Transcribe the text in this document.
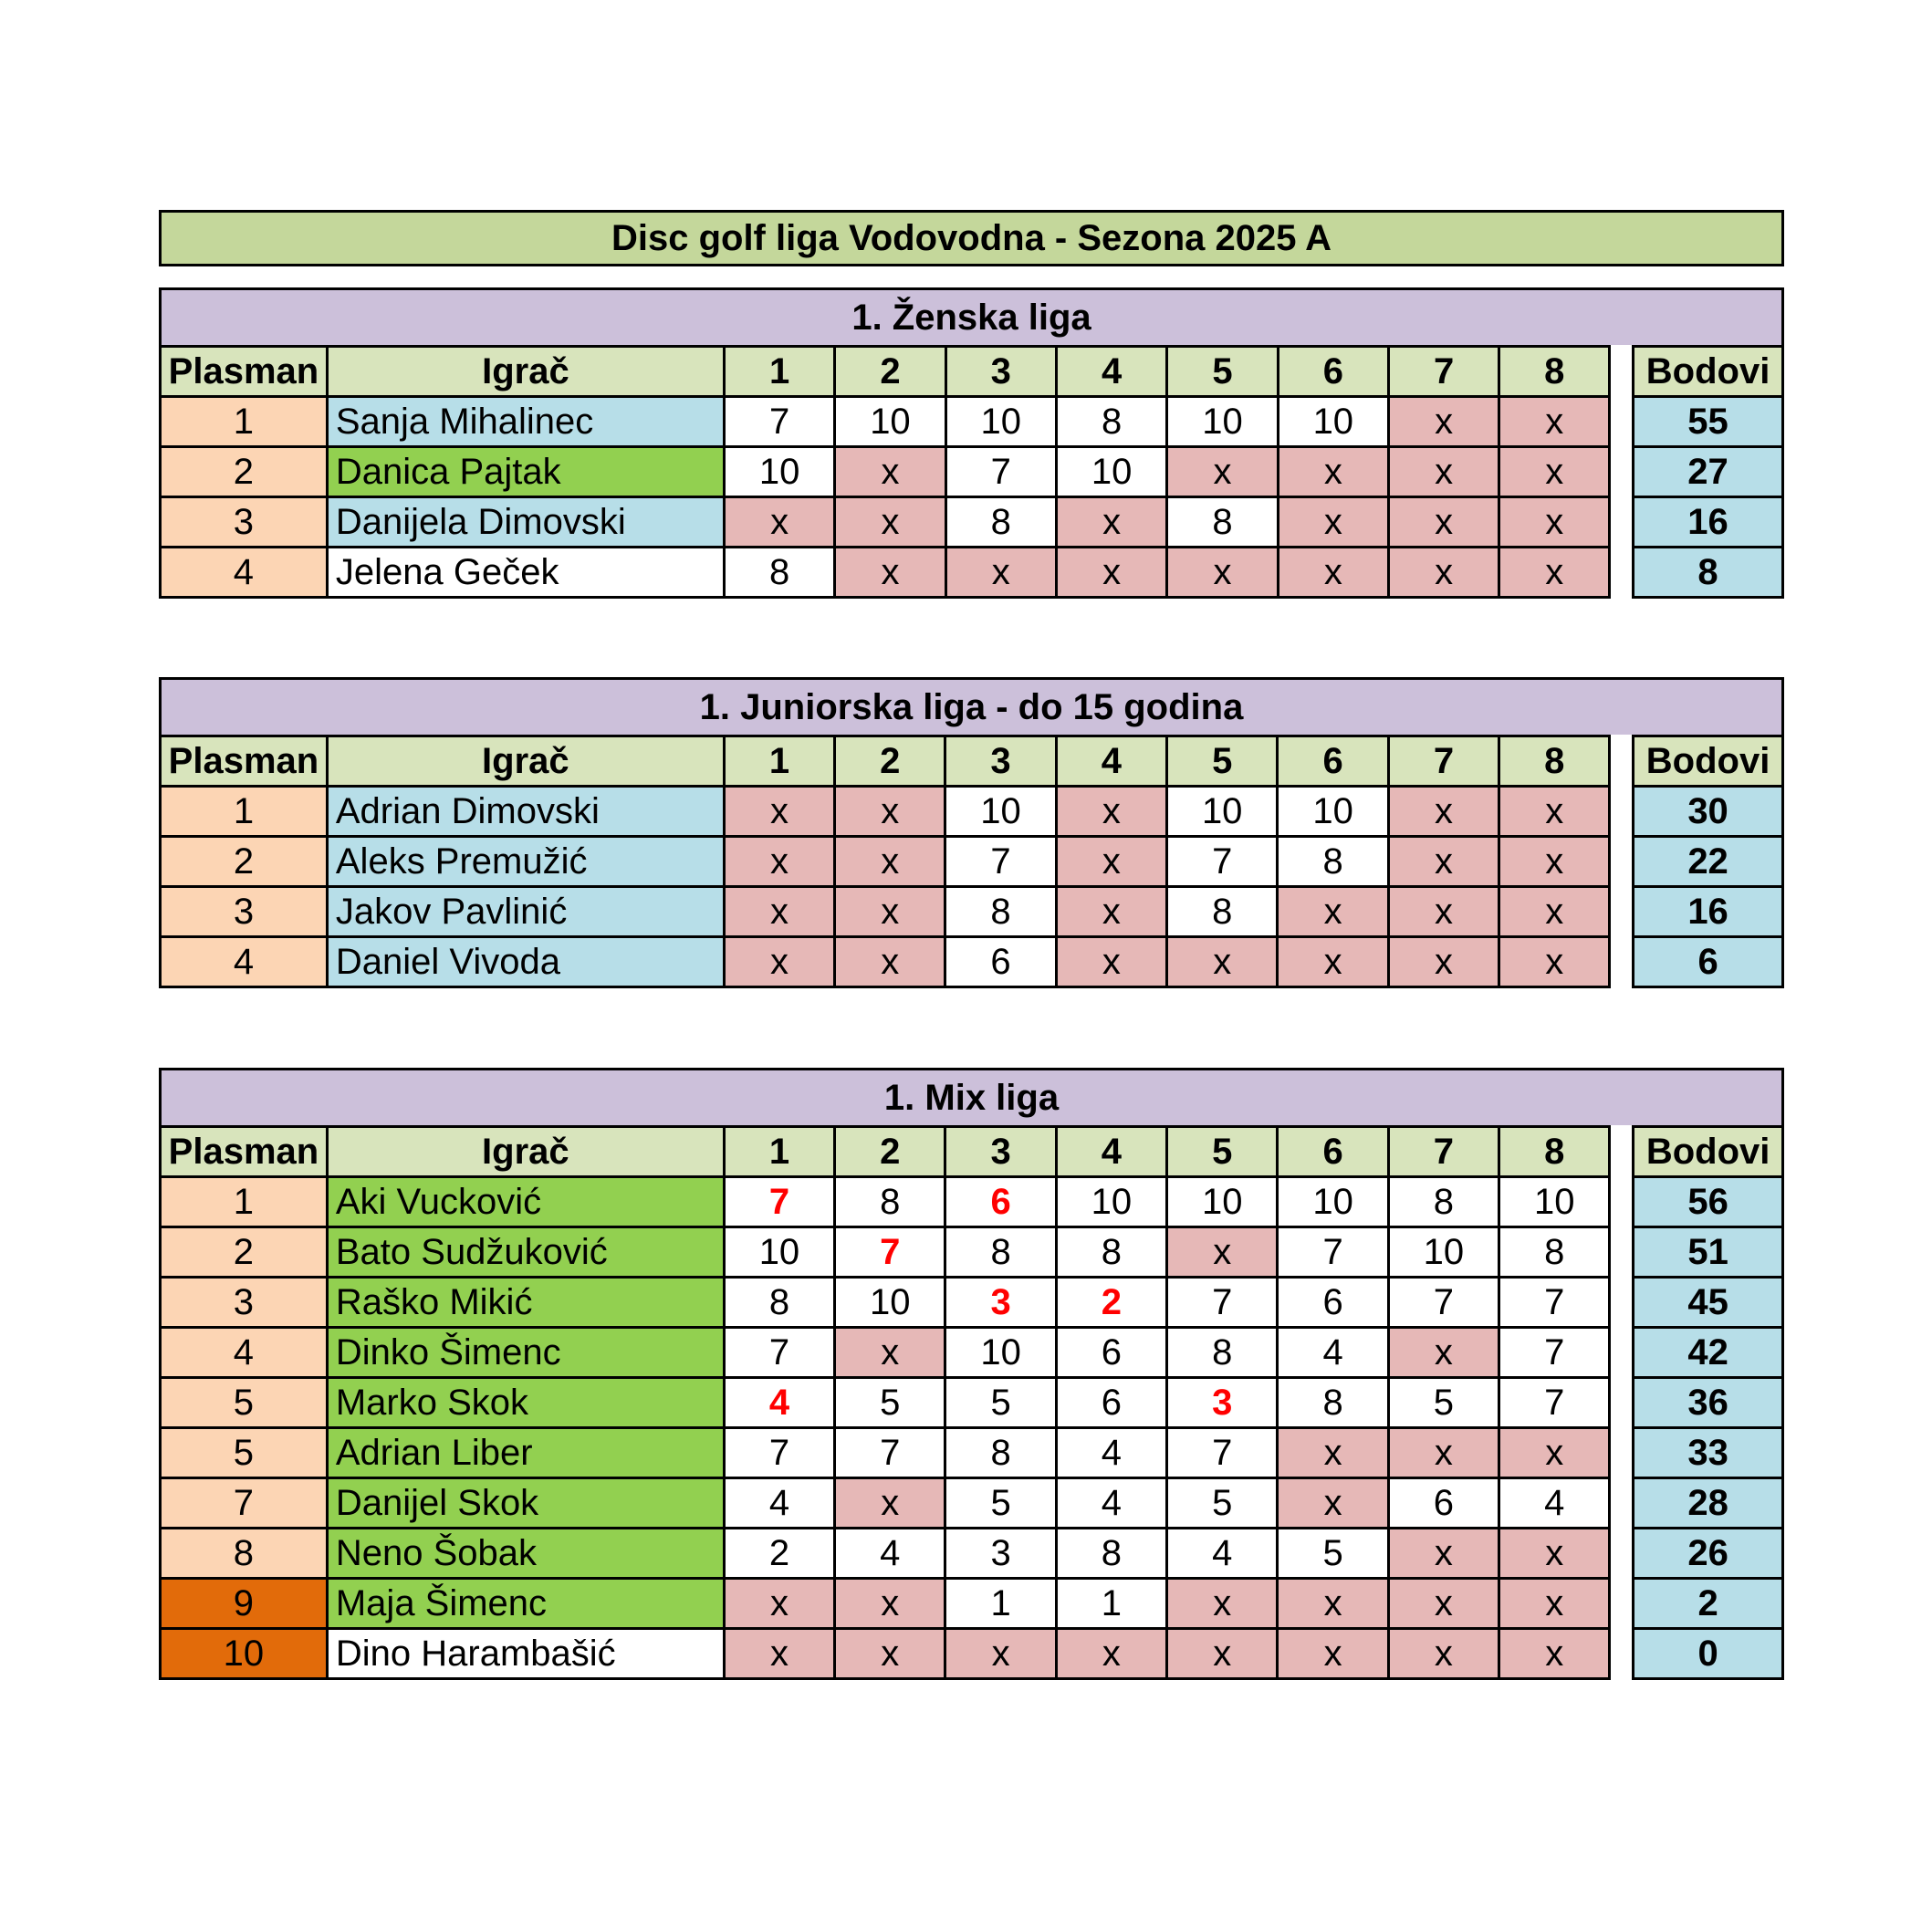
Disc golf liga Vodovodna - Sezona 2025 A
1. Ženska liga
Plasman	Igrač	1	2	3	4	5	6	7	8		Bodovi
1	Sanja Mihalinec	7	10	10	8	10	10	x	x		55
2	Danica Pajtak	10	x	7	10	x	x	x	x		27
3	Danijela Dimovski	x	x	8	x	8	x	x	x		16
4	Jelena Geček	8	x	x	x	x	x	x	x		8
1. Juniorska liga - do 15 godina
Plasman	Igrač	1	2	3	4	5	6	7	8		Bodovi
1	Adrian Dimovski	x	x	10	x	10	10	x	x		30
2	Aleks Premužić	x	x	7	x	7	8	x	x		22
3	Jakov Pavlinić	x	x	8	x	8	x	x	x		16
4	Daniel Vivoda	x	x	6	x	x	x	x	x		6
1. Mix liga
Plasman	Igrač	1	2	3	4	5	6	7	8		Bodovi
1	Aki Vucković	7	8	6	10	10	10	8	10		56
2	Bato Sudžuković	10	7	8	8	x	7	10	8		51
3	Raško Mikić	8	10	3	2	7	6	7	7		45
4	Dinko Šimenc	7	x	10	6	8	4	x	7		42
5	Marko Skok	4	5	5	6	3	8	5	7		36
5	Adrian Liber	7	7	8	4	7	x	x	x		33
7	Danijel Skok	4	x	5	4	5	x	6	4		28
8	Neno Šobak	2	4	3	8	4	5	x	x		26
9	Maja Šimenc	x	x	1	1	x	x	x	x		2
10	Dino Harambašić	x	x	x	x	x	x	x	x		0
